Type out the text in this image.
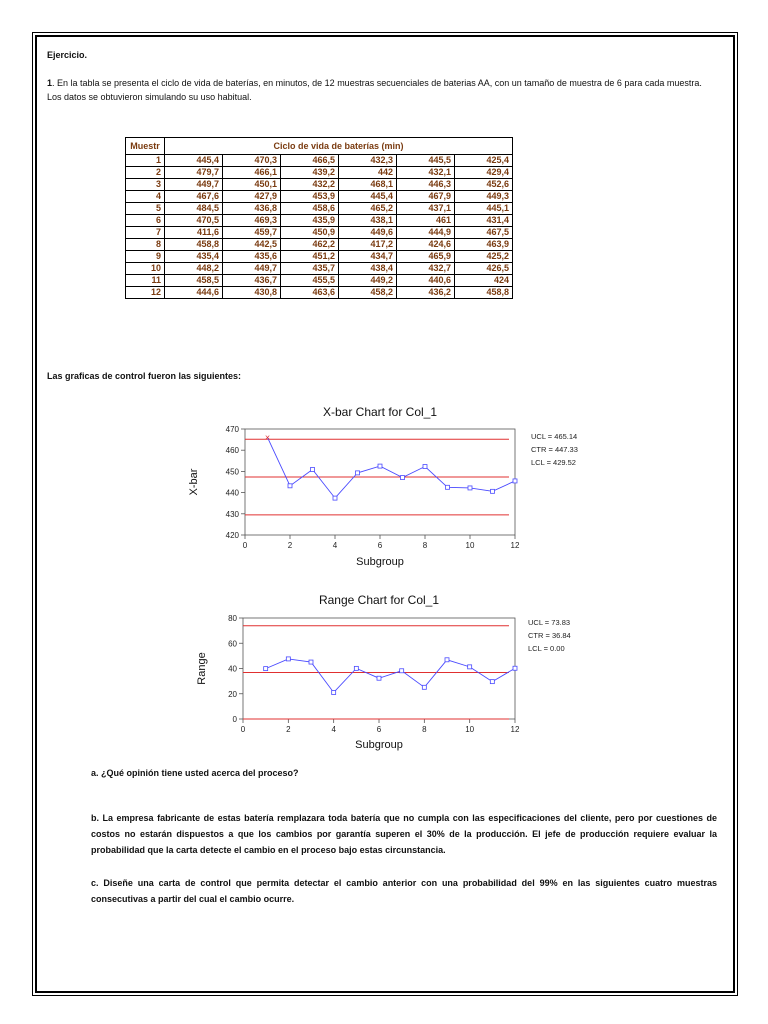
Ejercicio.
1. En la tabla se presenta el ciclo de vida de baterías, en minutos, de 12 muestras secuenciales de baterias AA, con un tamaño de muestra de 6 para cada muestra. Los datos se obtuvieron simulando su uso habitual.
Muestr	Ciclo de vida de baterías (min)					
1	445,4	470,3	466,5	432,3	445,5	425,4
2	479,7	466,1	439,2	442	432,1	429,4
3	449,7	450,1	432,2	468,1	446,3	452,6
4	467,6	427,9	453,9	445,4	467,9	449,3
5	484,5	436,8	458,6	465,2	437,1	445,1
6	470,5	469,3	435,9	438,1	461	431,4
7	411,6	459,7	450,9	449,6	444,9	467,5
8	458,8	442,5	462,2	417,2	424,6	463,9
9	435,4	435,6	451,2	434,7	465,9	425,2
10	448,2	449,7	435,7	438,4	432,7	426,5
11	458,5	436,7	455,5	449,2	440,6	424
12	444,6	430,8	463,6	458,2	436,2	458,8
Las graficas de control fueron las siguientes:
X-bar Chart for Col_1
420
430
440
450
460
470
0	2	4	6	8	10	12
×
Subgroup
X-bar
UCL = 465.14
CTR = 447.33
LCL = 429.52
Range Chart for Col_1
0
20
40
60
80
0	2	4	6	8	10	12
Subgroup
Range
UCL = 73.83
CTR = 36.84
LCL = 0.00
a. ¿Qué opinión tiene usted acerca del proceso?
b. La empresa fabricante de estas batería remplazara toda batería que no cumpla con las especificaciones del cliente, pero por cuestiones de costos no estarán dispuestos a que los cambios por garantía superen el 30% de la producción. El jefe de producción requiere evaluar la probabilidad que la carta detecte el cambio en el proceso bajo estas circunstancia.
c. Diseñe una carta de control que permita detectar el cambio anterior con una probabilidad del 99% en las siguientes cuatro muestras consecutivas a partir del cual el cambio ocurre.
